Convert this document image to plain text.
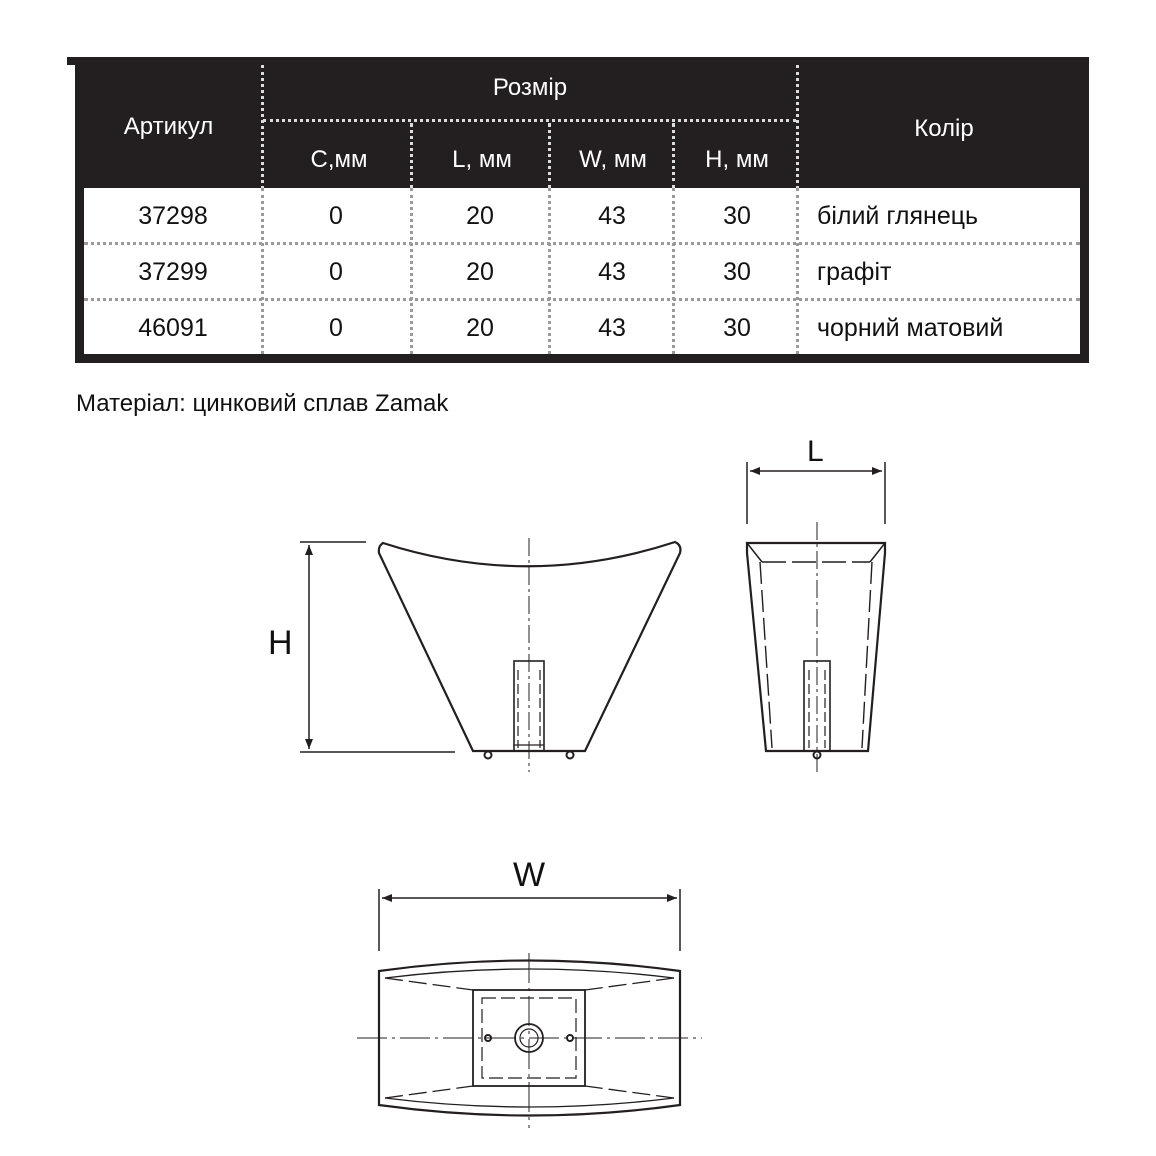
Артикул
Розмір
C,мм	L, мм	W, мм	H, мм
Колір
37298	0	20	43	30	білий глянець
37299	0	20	43	30	графіт
46091	0	20	43	30	чорний матовий
Матеріал: цинковий сплав Zamak
H
L
W
